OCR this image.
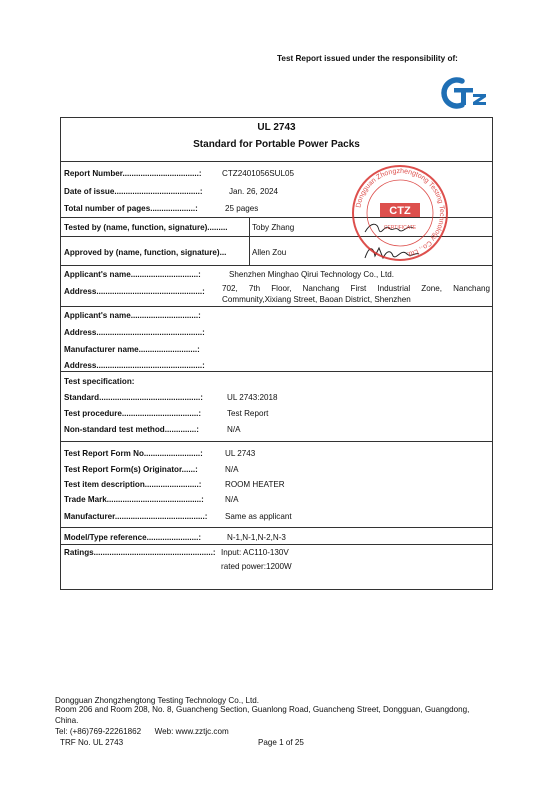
Test Report issued under the responsibility of:
UL 2743
Standard for Portable Power Packs
Report Number..................................:	CTZ2401056SUL05
Date of issue......................................:	Jan. 26, 2024
Total number of pages....................:	25 pages
Tested by (name, function, signature).........	Toby Zhang
Approved by (name, function, signature)...	Allen Zou
Dongguan Zhongzhengtong Testing Technology Co., Ltd.
CTZ
CERTIFICATE
Applicant's name..............................:	Shenzhen Minghao Qirui Technology Co., Ltd.
Address...............................................: 702, 7th Floor, Nanchang First Industrial Zone, Nanchang Community,Xixiang Street, Baoan District, Shenzhen
Applicant's name..............................:
Address...............................................:
Manufacturer name..........................:
Address...............................................:
Test specification:
Standard.............................................:	UL 2743:2018
Test procedure..................................:	Test Report
Non-standard test method..............:	N/A
Test Report Form No.........................:	UL 2743
Test Report Form(s) Originator......:	N/A
Test item description........................:	ROOM HEATER
Trade Mark..........................................:	N/A
Manufacturer........................................: Same as applicant
Model/Type reference.......................:	N-1,N-1,N-2,N-3
Ratings.....................................................: Input: AC110-130V
rated power:1200W
Dongguan Zhongzhengtong Testing Technology Co., Ltd.
Room 206 and Room 208, No. 8, Guancheng Section, Guanlong Road, Guancheng Street, Dongguan, Guangdong, China.
Tel: (+86)769-22261862      Web: www.zztjc.com
TRF No. UL 2743	Page 1 of 25
